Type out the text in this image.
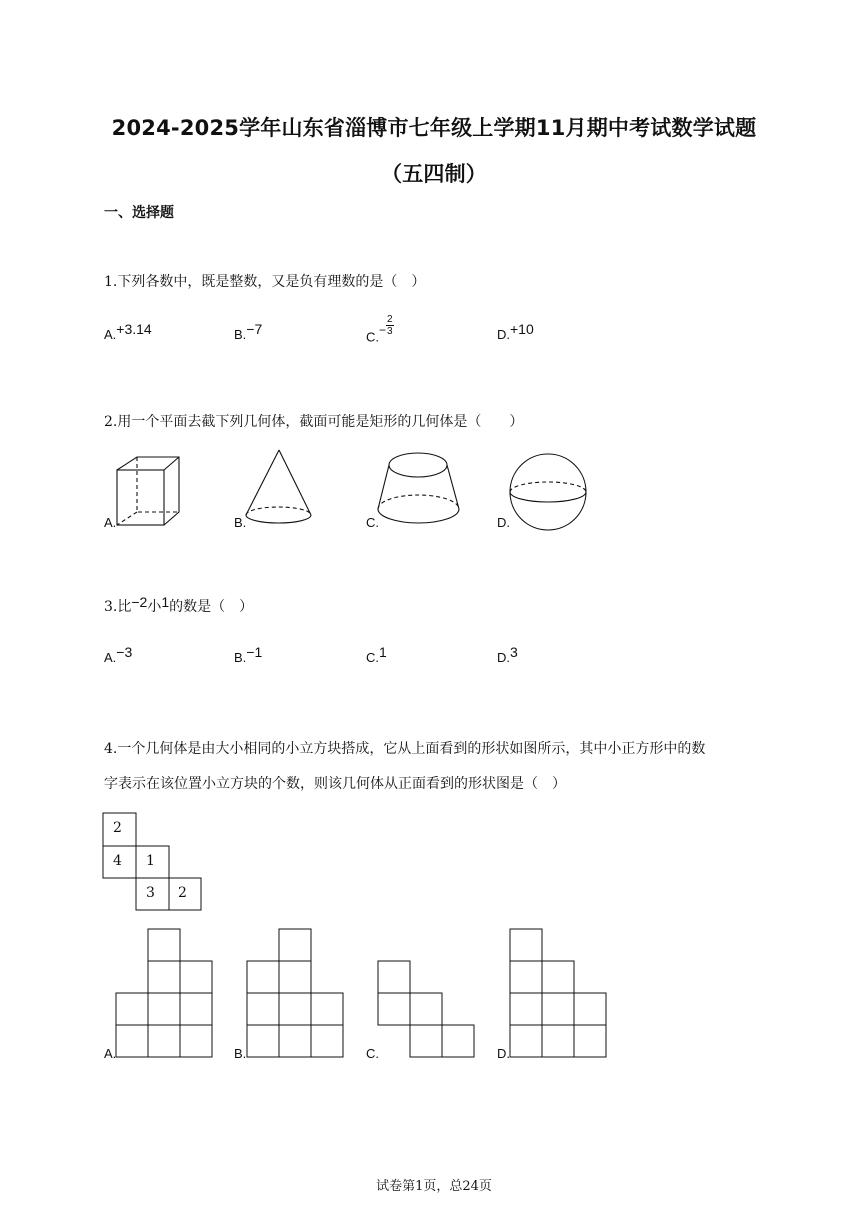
2024-2025学年山东省淄博市七年级上学期11月期中考试数学试题
（五四制）
一、选择题
1.下列各数中，既是整数，又是负有理数的是（　）
A.+3.14	B.−7	C. − $\frac{2}{3}$	D.+10
2.用一个平面去截下列几何体，截面可能是矩形的几何体是（　　）
A.	B.	C.	D.
3.比−2小1的数是（　）
A.−3	B.−1	C.1	D.3
4.一个几何体是由大小相同的小立方块搭成，它从上面看到的形状如图所示，其中小正方形中的数
字表示在该位置小立方块的个数，则该几何体从正面看到的形状图是（　）
2
4 1
3 2
A.	B.	C.	D.
试卷第1页，总24页
